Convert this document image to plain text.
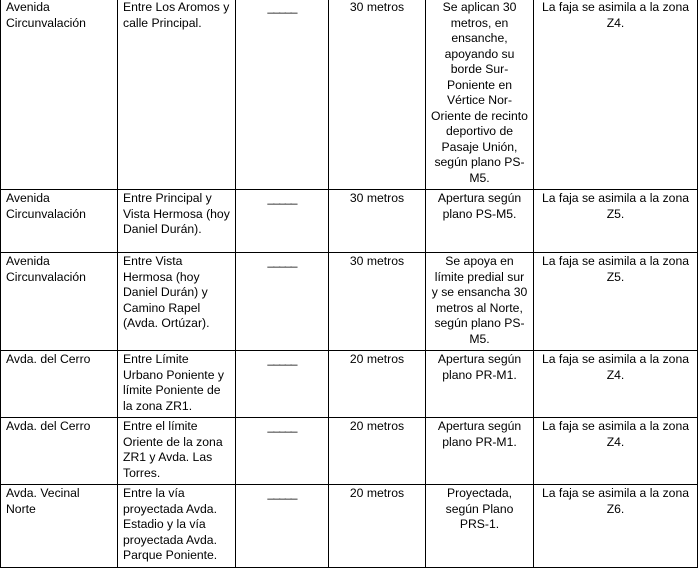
Avenida Circunvalación	Entre Los Aromos y calle Principal.	_____	30 metros	Se aplican 30 metros, en ensanche, apoyando su borde Sur-Poniente en Vértice Nor-Oriente de recinto deportivo de Pasaje Unión, según plano PS-M5.	La faja se asimila a la zona Z4.
Avenida Circunvalación	Entre Principal y Vista Hermosa (hoy Daniel Durán).	_____	30 metros	Apertura según plano PS-M5.	La faja se asimila a la zona Z5.
Avenida Circunvalación	Entre Vista Hermosa (hoy Daniel Durán) y Camino Rapel (Avda. Ortúzar).	_____	30 metros	Se apoya en límite predial sur y se ensancha 30 metros al Norte, según plano PS-M5.	La faja se asimila a la zona Z5.
Avda. del Cerro	Entre Límite Urbano Poniente y límite Poniente de la zona ZR1.	_____	20 metros	Apertura según plano PR-M1.	La faja se asimila a la zona Z4.
Avda. del Cerro	Entre el límite Oriente de la zona ZR1 y Avda. Las Torres.	_____	20 metros	Apertura según plano PR-M1.	La faja se asimila a la zona Z4.
Avda. Vecinal Norte	Entre la vía proyectada Avda. Estadio y la vía proyectada Avda. Parque Poniente.	_____	20 metros	Proyectada, según Plano PRS-1.	La faja se asimila a la zona Z6.
